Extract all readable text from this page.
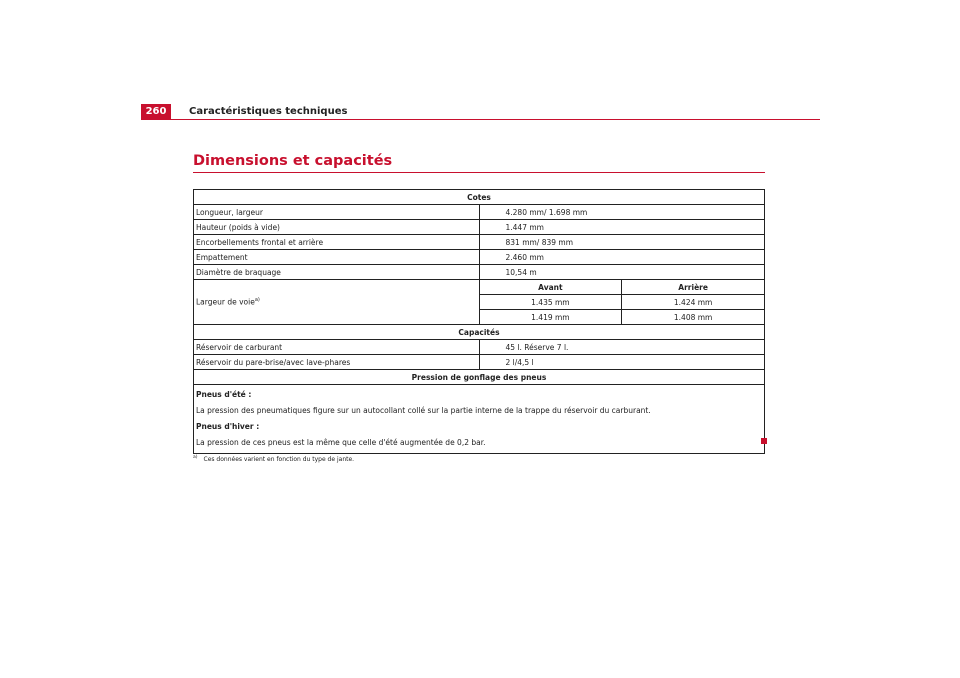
260	Caractéristiques techniques
Dimensions et capacités
Cotes
Longueur, largeur	4.280 mm/ 1.698 mm
Hauteur (poids à vide)	1.447 mm
Encorbellements frontal et arrière	831 mm/ 839 mm
Empattement	2.460 mm
Diamètre de braquage	10,54 m
Largeur de voie$^{a)}$	
Avant	Arrière
1.435 mm	1.424 mm
1.419 mm	1.408 mm

Capacités
Réservoir de carburant	45 l. Réserve 7 l.
Réservoir du pare-brise/avec lave-phares	2 l/4,5 l
Pression de gonflage des pneus

Pneus d'été :
La pression des pneumatiques figure sur un autocollant collé sur la partie interne de la trappe du réservoir du carburant.
Pneus d'hiver :
La pression de ces pneus est la même que celle d'été augmentée de 0,2 bar.
$^{a)}$ Ces données varient en fonction du type de jante.
